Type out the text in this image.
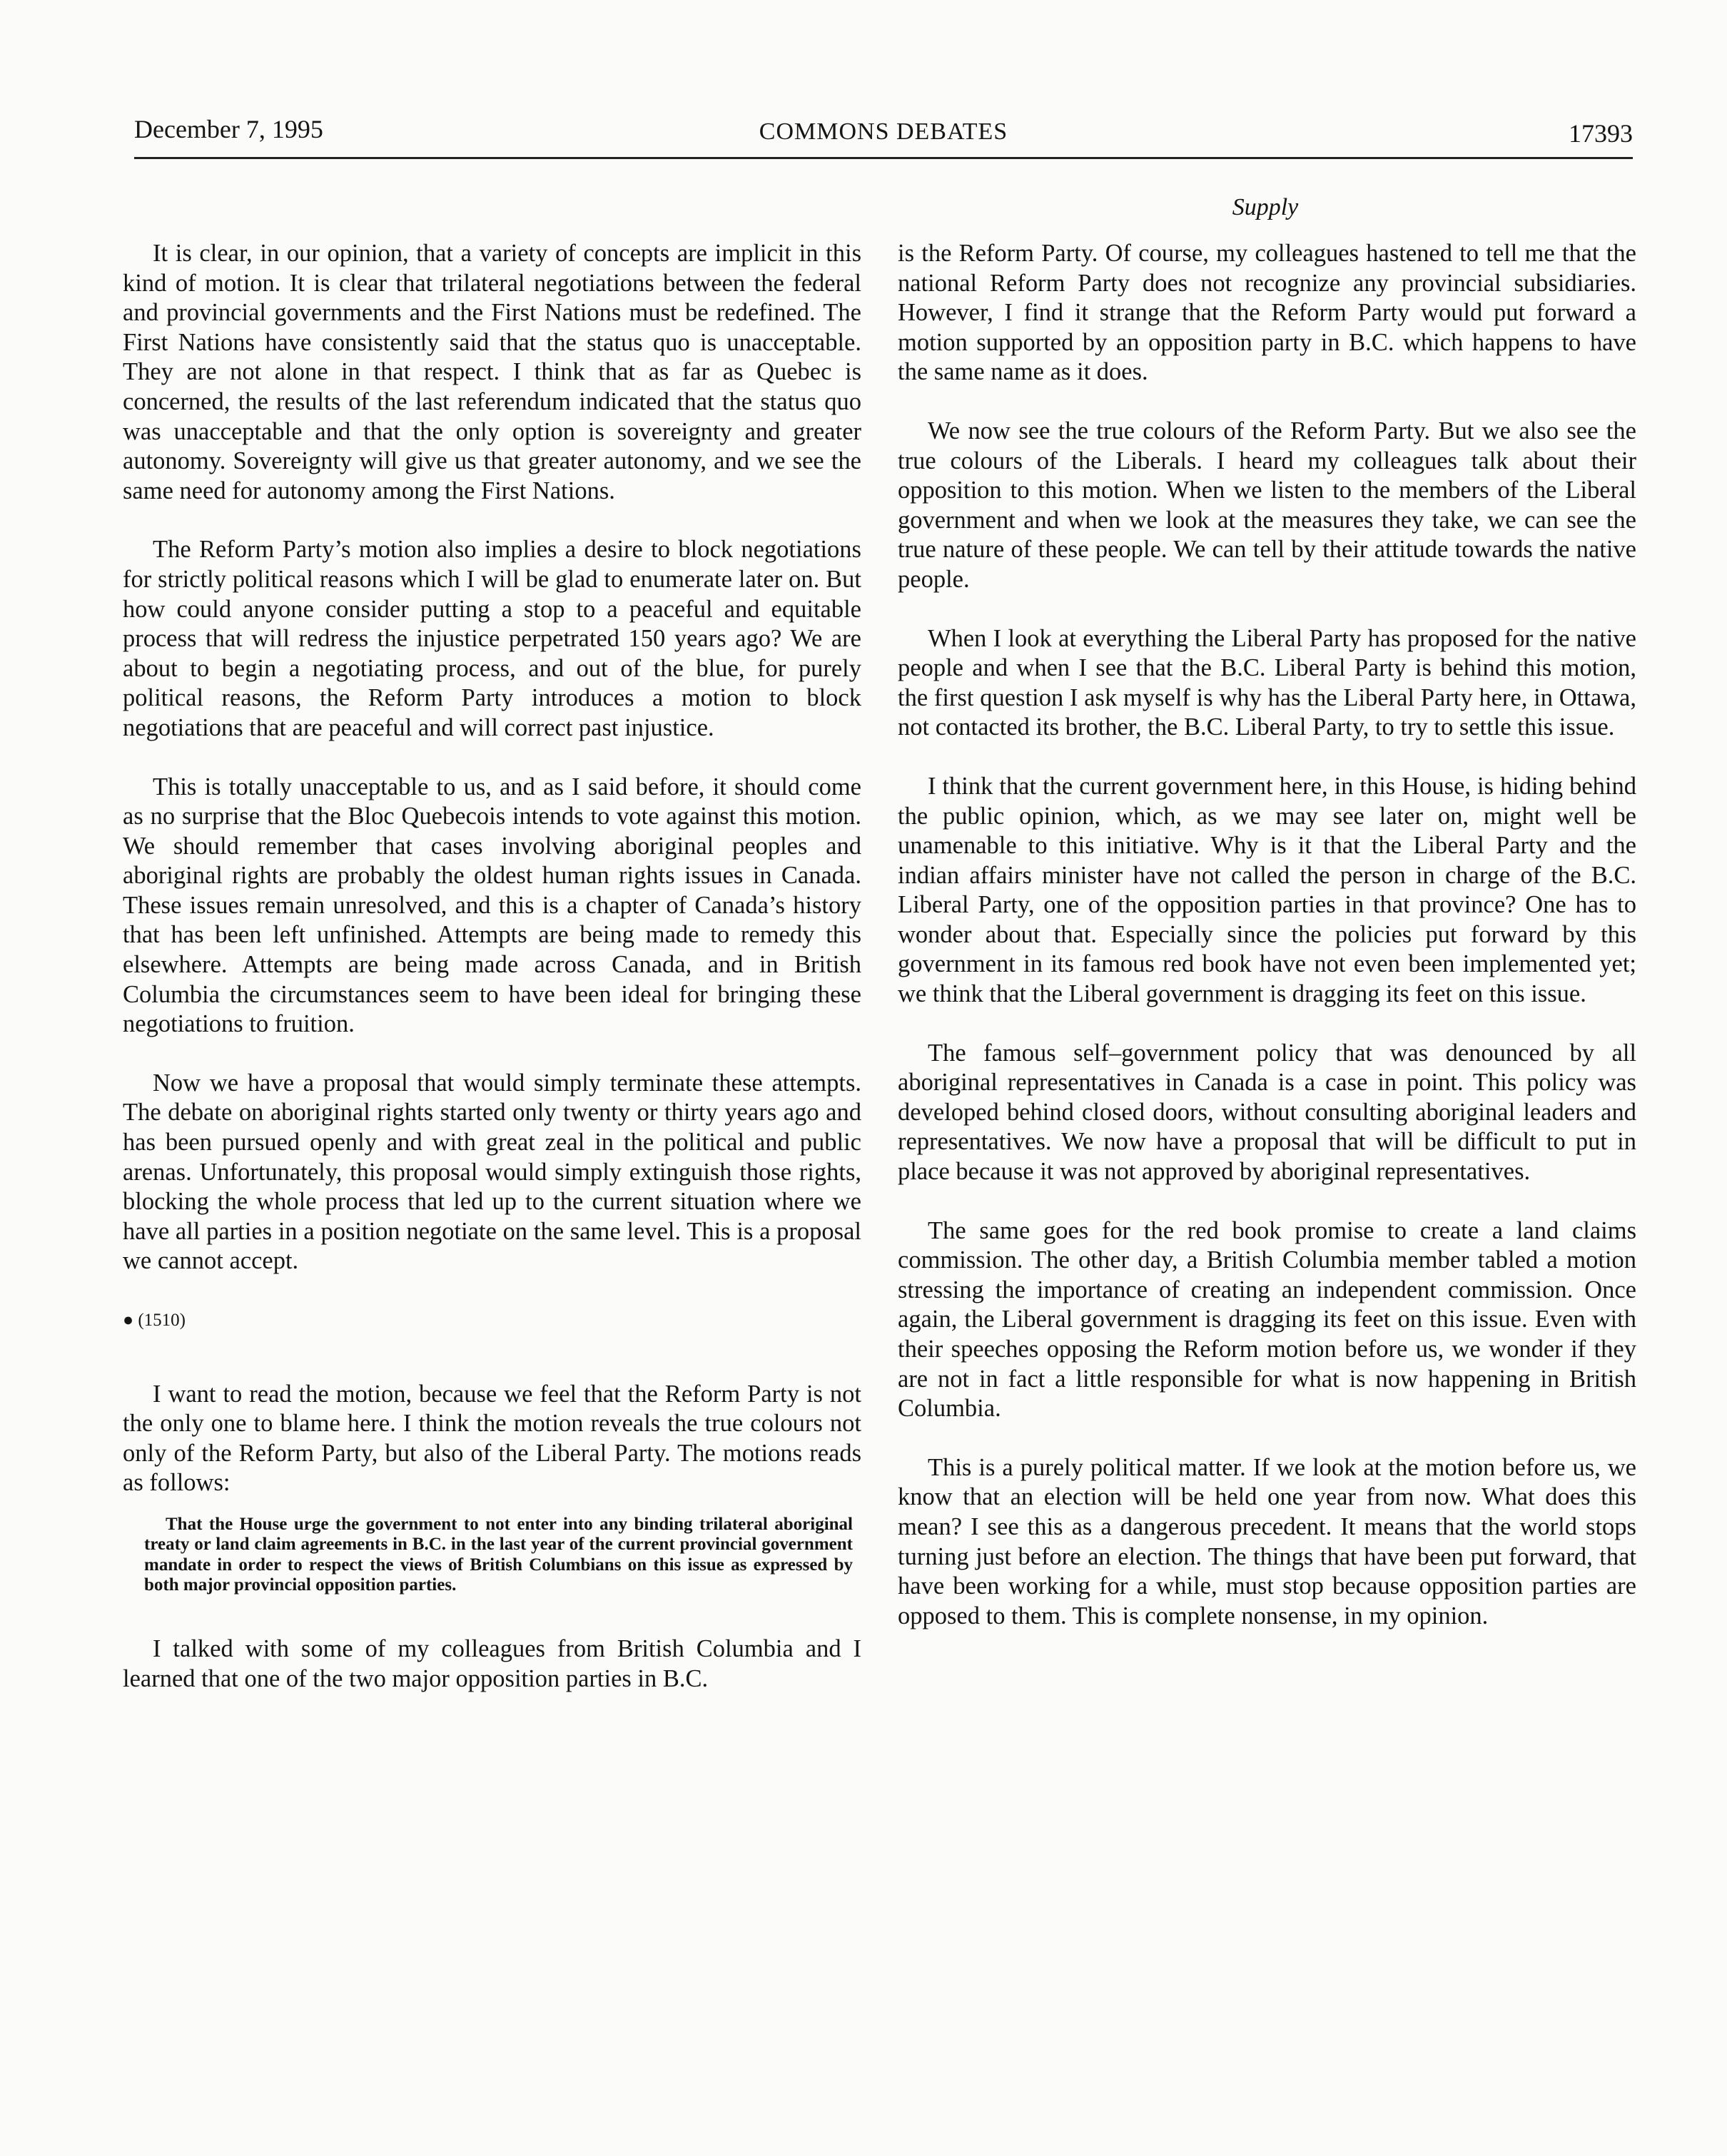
December 7, 1995	COMMONS DEBATES	17393
Supply

It is clear, in our opinion, that a variety of concepts are implicit in this kind of motion. It is clear that trilateral negotiations between the federal and provincial governments and the First Nations must be redefined. The First Nations have consistently said that the status quo is unacceptable. They are not alone in that respect. I think that as far as Quebec is concerned, the results of the last referendum indicated that the status quo was unacceptable and that the only option is sovereignty and greater autonomy. Sovereignty will give us that greater autonomy, and we see the same need for autonomy among the First Nations.

The Reform Party’s motion also implies a desire to block negotiations for strictly political reasons which I will be glad to enumerate later on. But how could anyone consider putting a stop to a peaceful and equitable process that will redress the injustice perpetrated 150 years ago? We are about to begin a negotiating process, and out of the blue, for purely political reasons, the Reform Party introduces a motion to block negotiations that are peaceful and will correct past injustice.

This is totally unacceptable to us, and as I said before, it should come as no surprise that the Bloc Quebecois intends to vote against this motion. We should remember that cases involving aboriginal peoples and aboriginal rights are probably the oldest human rights issues in Canada. These issues remain unresolved, and this is a chapter of Canada’s history that has been left unfinished. Attempts are being made to remedy this elsewhere. Attempts are being made across Canada, and in British Columbia the circumstances seem to have been ideal for bringing these negotiations to fruition.

Now we have a proposal that would simply terminate these attempts. The debate on aboriginal rights started only twenty or thirty years ago and has been pursued openly and with great zeal in the political and public arenas. Unfortunately, this proposal would simply extinguish those rights, blocking the whole process that led up to the current situation where we have all parties in a position negotiate on the same level. This is a proposal we cannot accept.

● (1510)

I want to read the motion, because we feel that the Reform Party is not the only one to blame here. I think the motion reveals the true colours not only of the Reform Party, but also of the Liberal Party. The motions reads as follows:

That the House urge the government to not enter into any binding trilateral aboriginal treaty or land claim agreements in B.C. in the last year of the current provincial government mandate in order to respect the views of British Columbians on this issue as expressed by both major provincial opposition parties.

I talked with some of my colleagues from British Columbia and I learned that one of the two major opposition parties in B.C.

is the Reform Party. Of course, my colleagues hastened to tell me that the national Reform Party does not recognize any provincial subsidiaries. However, I find it strange that the Reform Party would put forward a motion supported by an opposition party in B.C. which happens to have the same name as it does.

We now see the true colours of the Reform Party. But we also see the true colours of the Liberals. I heard my colleagues talk about their opposition to this motion. When we listen to the members of the Liberal government and when we look at the measures they take, we can see the true nature of these people. We can tell by their attitude towards the native people.

When I look at everything the Liberal Party has proposed for the native people and when I see that the B.C. Liberal Party is behind this motion, the first question I ask myself is why has the Liberal Party here, in Ottawa, not contacted its brother, the B.C. Liberal Party, to try to settle this issue.

I think that the current government here, in this House, is hiding behind the public opinion, which, as we may see later on, might well be unamenable to this initiative. Why is it that the Liberal Party and the indian affairs minister have not called the person in charge of the B.C. Liberal Party, one of the opposition parties in that province? One has to wonder about that. Especially since the policies put forward by this government in its famous red book have not even been implemented yet; we think that the Liberal government is dragging its feet on this issue.

The famous self–government policy that was denounced by all aboriginal representatives in Canada is a case in point. This policy was developed behind closed doors, without consulting aboriginal leaders and representatives. We now have a proposal that will be difficult to put in place because it was not approved by aboriginal representatives.

The same goes for the red book promise to create a land claims commission. The other day, a British Columbia member tabled a motion stressing the importance of creating an independent commission. Once again, the Liberal government is dragging its feet on this issue. Even with their speeches opposing the Reform motion before us, we wonder if they are not in fact a little responsible for what is now happening in British Columbia.

This is a purely political matter. If we look at the motion before us, we know that an election will be held one year from now. What does this mean? I see this as a dangerous precedent. It means that the world stops turning just before an election. The things that have been put forward, that have been working for a while, must stop because opposition parties are opposed to them. This is complete nonsense, in my opinion.
